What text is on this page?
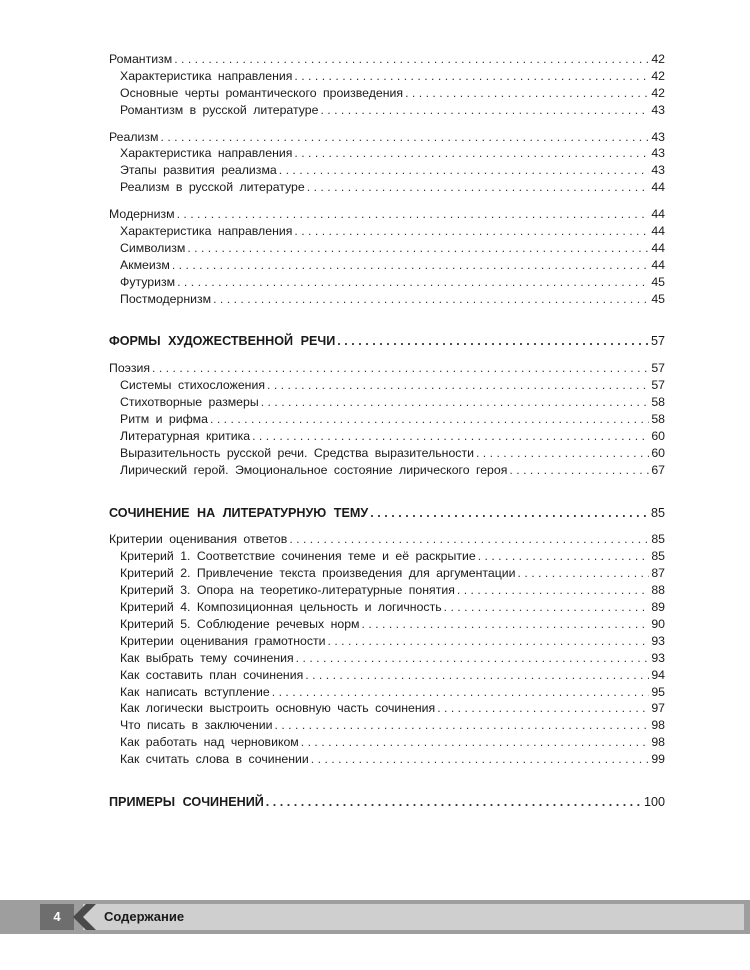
Романтизм . . .	42
Характеристика направления . . .	42
Основные черты романтического произведения . . .	42
Романтизм в русской литературе . . .	43
Реализм . . .	43
Характеристика направления . . .	43
Этапы развития реализма . . .	43
Реализм в русской литературе . . .	44
Модернизм . . .	44
Характеристика направления . . .	44
Символизм . . .	44
Акмеизм . . .	44
Футуризм . . .	45
Постмодернизм . . .	45
ФОРМЫ ХУДОЖЕСТВЕННОЙ РЕЧИ . . .	57
Поэзия . . .	57
Системы стихосложения . . .	57
Стихотворные размеры . . .	58
Ритм и рифма . . .	58
Литературная критика . . .	60
Выразительность русской речи. Средства выразительности . . .	60
Лирический герой. Эмоциональное состояние лирического героя . . .	67
СОЧИНЕНИЕ НА ЛИТЕРАТУРНУЮ ТЕМУ . . .	85
Критерии оценивания ответов . . .	85
Критерий 1. Соответствие сочинения теме и её раскрытие . . .	85
Критерий 2. Привлечение текста произведения для аргументации . . .	87
Критерий 3. Опора на теоретико-литературные понятия . . .	88
Критерий 4. Композиционная цельность и логичность . . .	89
Критерий 5. Соблюдение речевых норм . . .	90
Критерии оценивания грамотности . . .	93
Как выбрать тему сочинения . . .	93
Как составить план сочинения . . .	94
Как написать вступление . . .	95
Как логически выстроить основную часть сочинения . . .	97
Что писать в заключении . . .	98
Как работать над черновиком . . .	98
Как считать слова в сочинении . . .	99
ПРИМЕРЫ СОЧИНЕНИЙ . . .	100
4	Содержание
